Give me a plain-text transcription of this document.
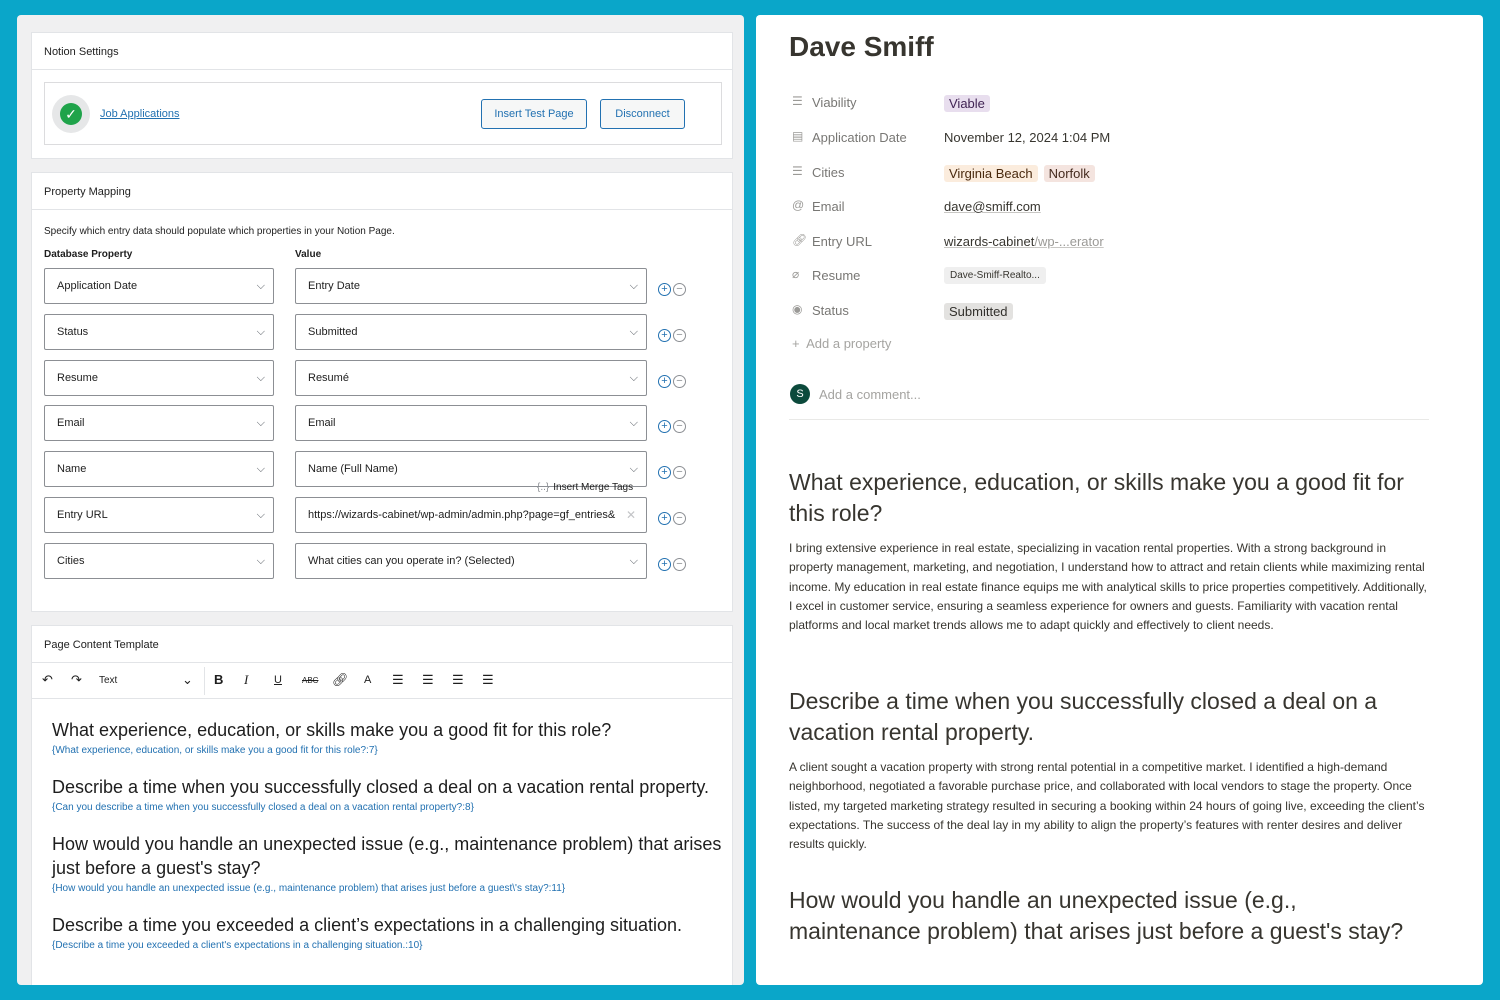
Notion Settings
✓	Job Applications	Insert Test Page	Disconnect
Property Mapping
Specify which entry data should populate which properties in your Notion Page.
Database Property	Value
Application Date	⌵	Entry Date	⌵ + −
Status	⌵	Submitted	⌵ + −
Resume	⌵	Resumé	⌵ + −
Email	⌵	Email	⌵ + −
Name	⌵	Name (Full Name)	⌵ + −
{..} Insert Merge Tags
Entry URL	⌵	https://wizards-cabinet/wp-admin/admin.php?page=gf_entries& ✕ + −
Cities	⌵	What cities can you operate in? (Selected)	⌵ + −
Page Content Template
↶ ↷ Text	⌄ B I U	ABC 🔗︎ A ☰ ☰ ☰ ☰
What experience, education, or skills make you a good fit for this role?
{What experience, education, or skills make you a good fit for this role?:7}
Describe a time when you successfully closed a deal on a vacation rental property.
{Can you describe a time when you successfully closed a deal on a vacation rental property?:8}
How would you handle an unexpected issue (e.g., maintenance problem) that arises just before a guest's stay?
{How would you handle an unexpected issue (e.g., maintenance problem) that arises just before a guest\'s stay?:11}
Describe a time you exceeded a client’s expectations in a challenging situation.
{Describe a time you exceeded a client's expectations in a challenging situation.:10}
Dave Smiff
☰ Viability	Viable
▤ Application Date	November 12, 2024 1:04 PM
☰ Cities	Virginia Beach Norfolk
@ Email	dave@smiff.com
🔗︎ Entry URL	wizards-cabinet/wp-...erator
⌀ Resume	Dave-Smiff-Realto...
◉ Status	Submitted
+  Add a property
S	Add a comment...
What experience, education, or skills make you a good fit for this role?
I bring extensive experience in real estate, specializing in vacation rental properties. With a strong background in property management, marketing, and negotiation, I understand how to attract and retain clients while maximizing rental income. My education in real estate finance equips me with analytical skills to price properties competitively. Additionally, I excel in customer service, ensuring a seamless experience for owners and guests. Familiarity with vacation rental platforms and local market trends allows me to adapt quickly and effectively to client needs.
Describe a time when you successfully closed a deal on a vacation rental property.
A client sought a vacation property with strong rental potential in a competitive market. I identified a high-demand neighborhood, negotiated a favorable purchase price, and collaborated with local vendors to stage the property. Once listed, my targeted marketing strategy resulted in securing a booking within 24 hours of going live, exceeding the client’s expectations. The success of the deal lay in my ability to align the property’s features with renter desires and deliver results quickly.
How would you handle an unexpected issue (e.g., maintenance problem) that arises just before a guest's stay?
